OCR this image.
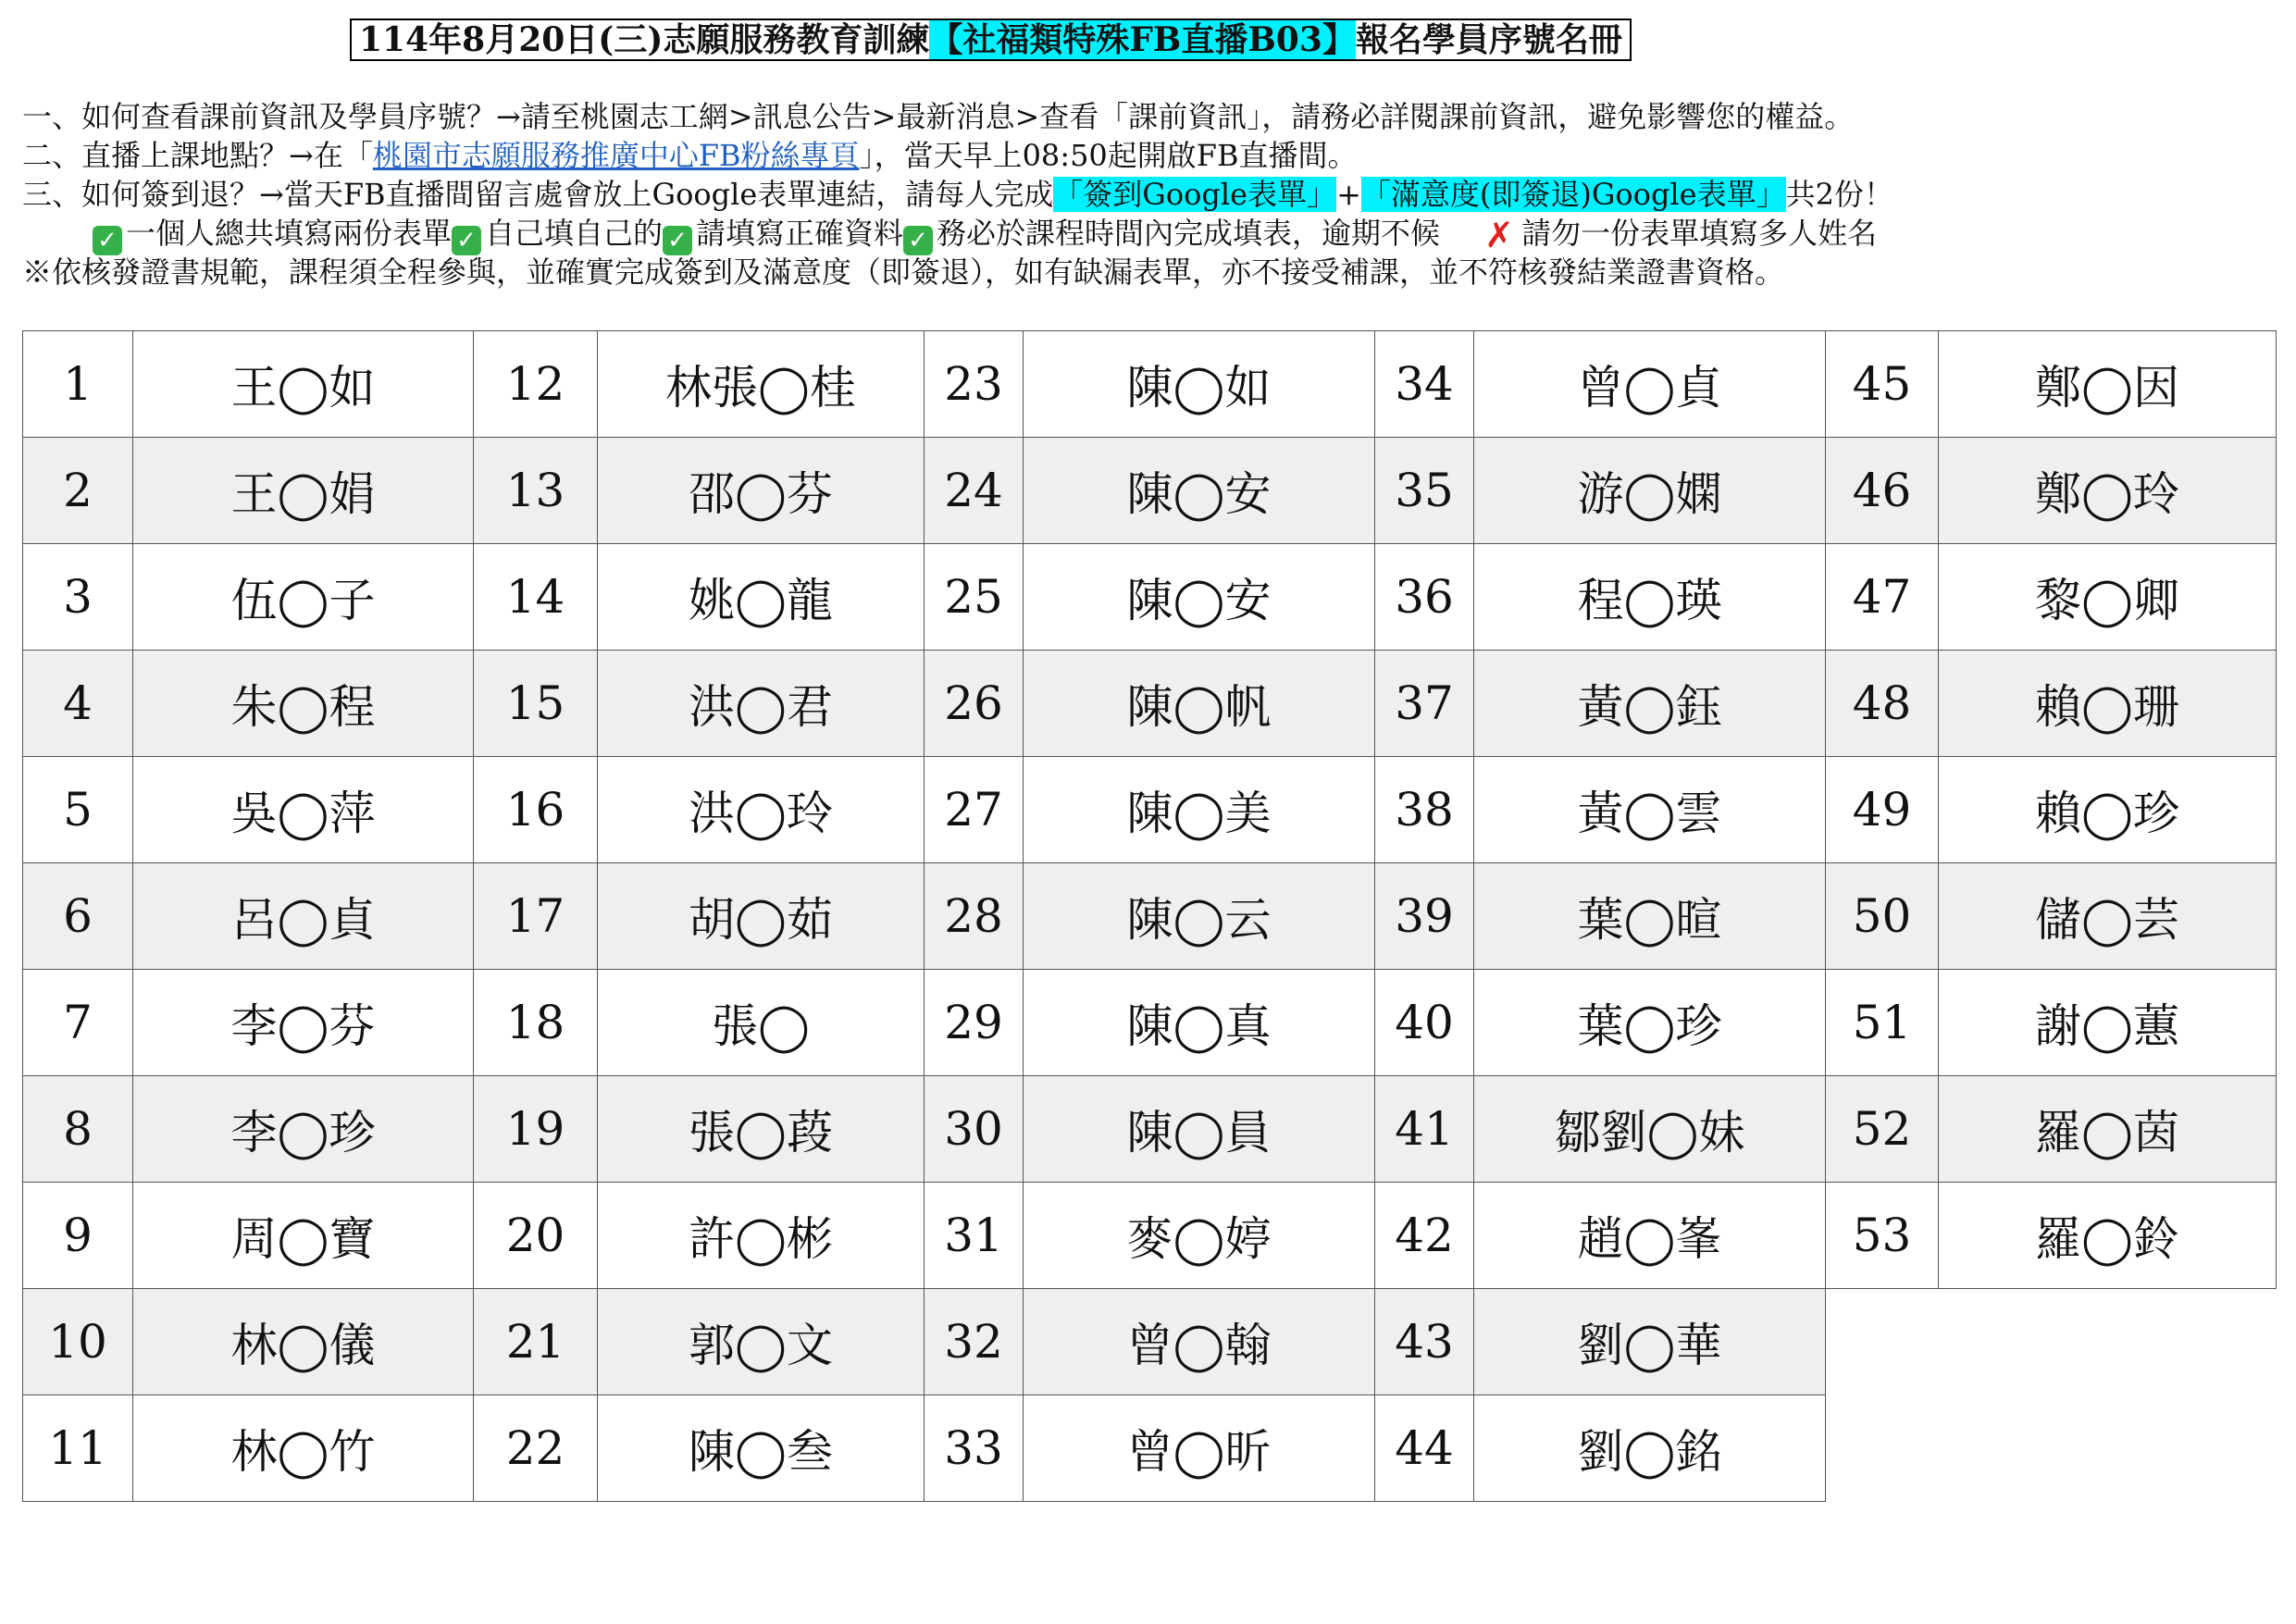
114年8月20日(三)志願服務教育訓練【社福類特殊FB直播B03】報名學員序號名冊
一、如何查看課前資訊及學員序號？→請至桃園志工網>訊息公告>最新消息>查看「課前資訊」，請務必詳閱課前資訊，避免影響您的權益。
二、直播上課地點？→在「桃園市志願服務推廣中心FB粉絲專頁」，當天早上08:50起開啟FB直播間。
三、如何簽到退？→當天FB直播間留言處會放上Google表單連結，請每人完成「簽到Google表單」+「滿意度(即簽退)Google表單」共2份！
✓ 一個人總共填寫兩份表單 ✓ 自己填自己的 ✓ 請填寫正確資料 ✓ 務必於課程時間內完成填表，逾期不候 ✗ 請勿一份表單填寫多人姓名
※依核發證書規範，課程須全程參與，並確實完成簽到及滿意度（即簽退），如有缺漏表單，亦不接受補課，並不符核發結業證書資格。
1	王◯如	12	林張◯桂	23	陳◯如	34	曾◯貞	45	鄭◯因
2	王◯娟	13	邵◯芬	24	陳◯安	35	游◯嫻	46	鄭◯玲
3	伍◯子	14	姚◯龍	25	陳◯安	36	程◯瑛	47	黎◯卿
4	朱◯程	15	洪◯君	26	陳◯帆	37	黃◯鈺	48	賴◯珊
5	吳◯萍	16	洪◯玲	27	陳◯美	38	黃◯雲	49	賴◯珍
6	呂◯貞	17	胡◯茹	28	陳◯云	39	葉◯暄	50	儲◯芸
7	李◯芬	18	張◯	29	陳◯真	40	葉◯珍	51	謝◯蕙
8	李◯珍	19	張◯葮	30	陳◯員	41	鄒劉◯妹	52	羅◯茵
9	周◯寶	20	許◯彬	31	麥◯婷	42	趙◯峯	53	羅◯鈴
10	林◯儀	21	郭◯文	32	曾◯翰	43	劉◯華		
11	林◯竹	22	陳◯叁	33	曾◯昕	44	劉◯銘		
